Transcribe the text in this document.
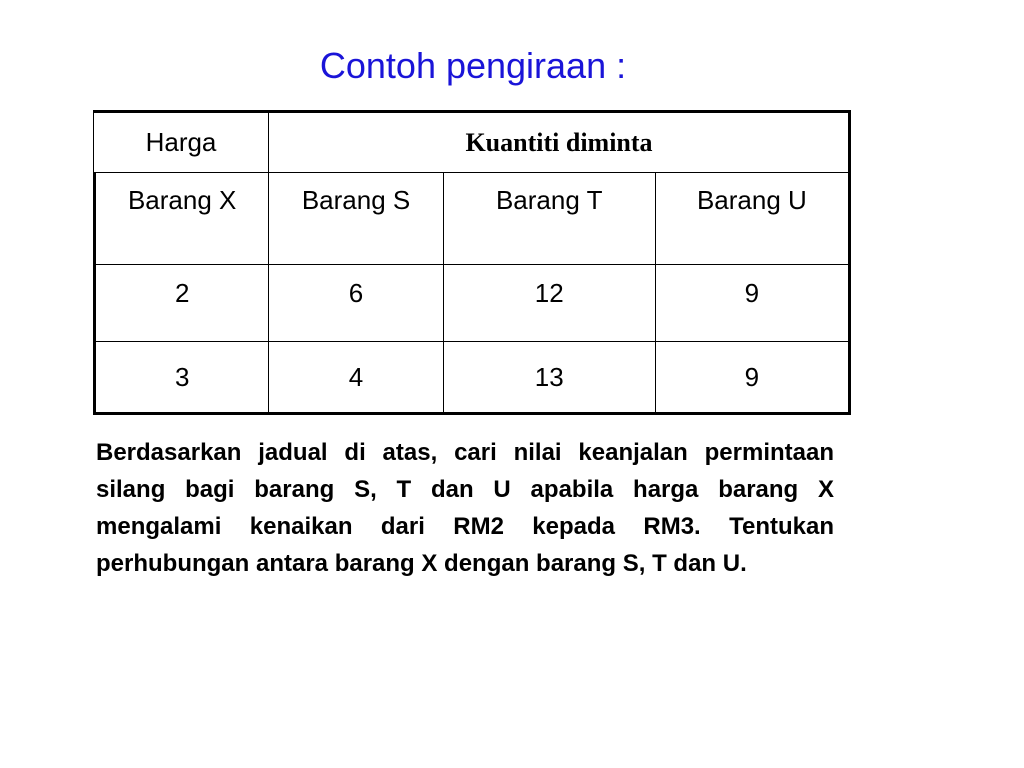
Contoh pengiraan :
Harga	Kuantiti diminta
Barang X	Barang S	Barang T	Barang U
2	6	12	9
3	4	13	9
Berdasarkan jadual di atas, cari nilai keanjalan permintaan silang bagi barang S, T dan U apabila harga barang X mengalami kenaikan dari RM2 kepada RM3. Tentukan perhubungan antara barang X dengan barang S, T dan U.
